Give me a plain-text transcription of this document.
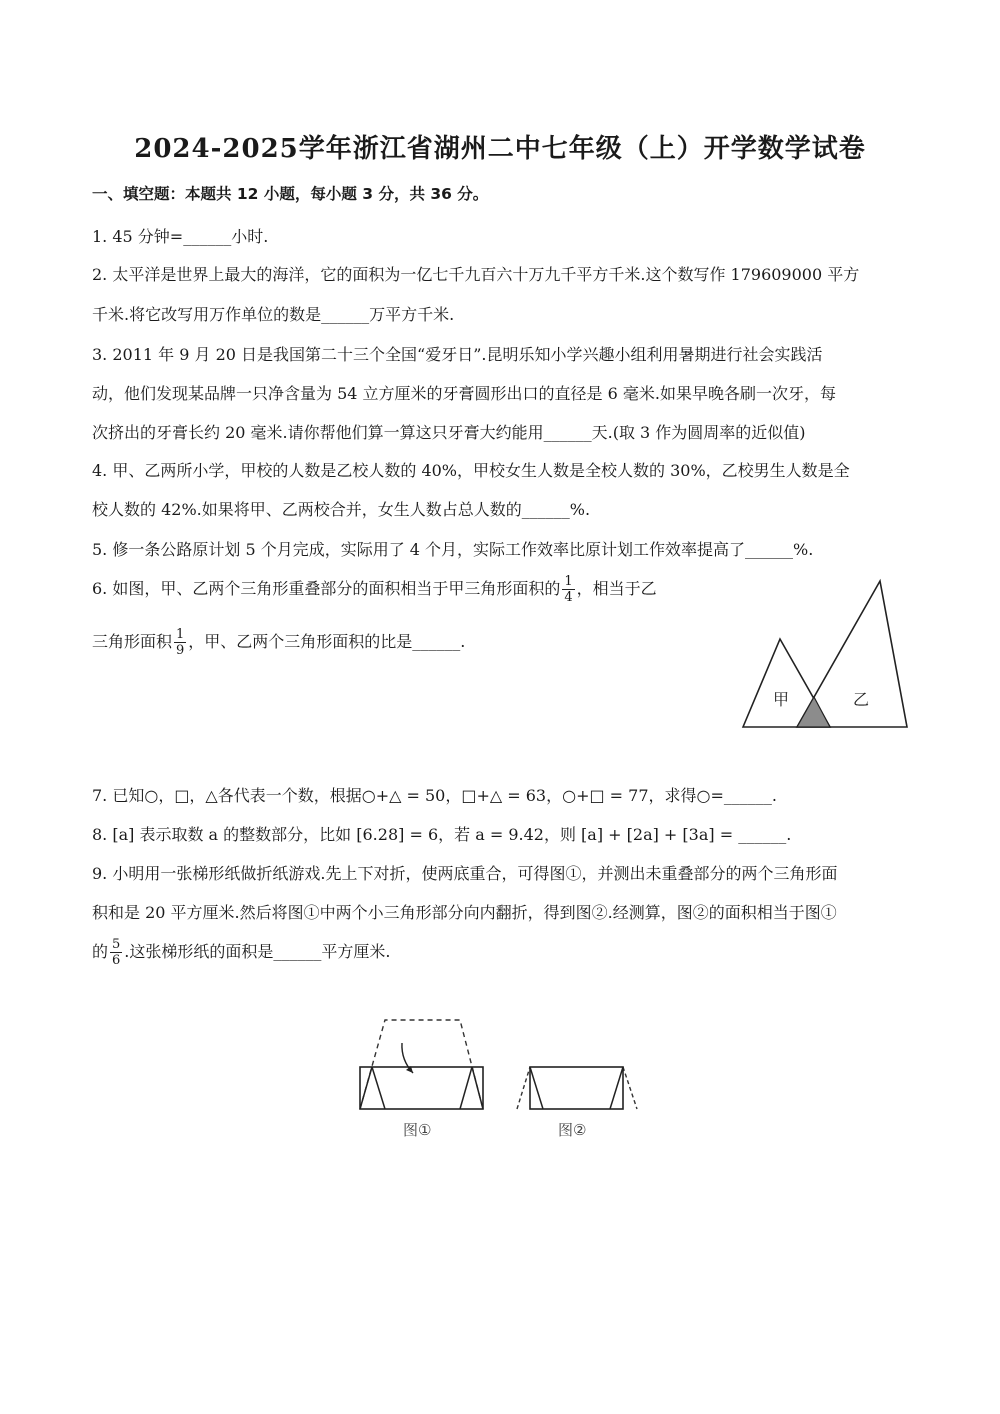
2024-2025学年浙江省湖州二中七年级（上）开学数学试卷
一、填空题：本题共 12 小题，每小题 3 分，共 36 分。
1. 45 分钟=______小时.
2. 太平洋是世界上最大的海洋，它的面积为一亿七千九百六十万九千平方千米.这个数写作 179609000 平方
千米.将它改写用万作单位的数是______万平方千米.
3. 2011 年 9 月 20 日是我国第二十三个全国“爱牙日”.昆明乐知小学兴趣小组利用暑期进行社会实践活
动，他们发现某品牌一只净含量为 54 立方厘米的牙膏圆形出口的直径是 6 毫米.如果早晚各刷一次牙，每
次挤出的牙膏长约 20 毫米.请你帮他们算一算这只牙膏大约能用______天.(取 3 作为圆周率的近似值)
4. 甲、乙两所小学，甲校的人数是乙校人数的 40%，甲校女生人数是全校人数的 30%，乙校男生人数是全
校人数的 42%.如果将甲、乙两校合并，女生人数占总人数的______%.
5. 修一条公路原计划 5 个月完成，实际用了 4 个月，实际工作效率比原计划工作效率提高了______%.
6. 如图，甲、乙两个三角形重叠部分的面积相当于甲三角形面积的 $\frac{1}{4}$ ，相当于乙
三角形面积 $\frac{1}{9}$ ，甲、乙两个三角形面积的比是______.
甲	乙
7. 已知○，□，△各代表一个数，根据○+△ = 50，□+△ = 63，○+□ = 77，求得○=______.
8. [a] 表示取数 a 的整数部分，比如 [6.28] = 6，若 a = 9.42，则 [a] + [2a] + [3a] = ______.
9. 小明用一张梯形纸做折纸游戏.先上下对折，使两底重合，可得图①，并测出未重叠部分的两个三角形面
积和是 20 平方厘米.然后将图①中两个小三角形部分向内翻折，得到图②.经测算，图②的面积相当于图①
的 $\frac{5}{6}$ .这张梯形纸的面积是______平方厘米.
图①	图②
